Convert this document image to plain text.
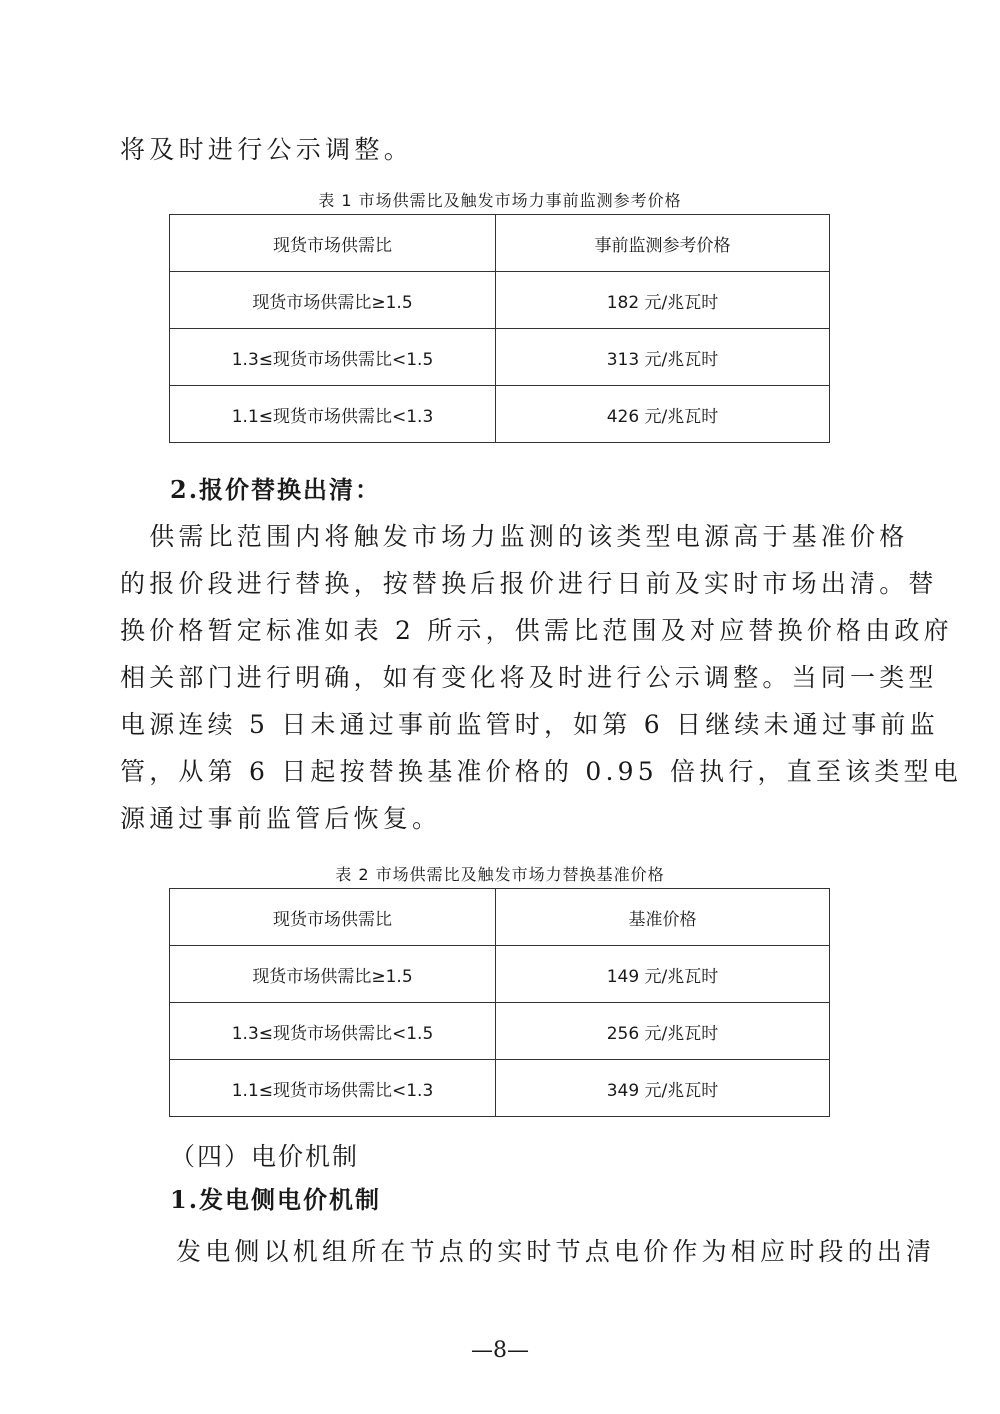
将及时进行公示调整。

表 1 市场供需比及触发市场力事前监测参考价格
现货市场供需比	事前监测参考价格
现货市场供需比≥1.5	182 元/兆瓦时
1.3≤现货市场供需比<1.5	313 元/兆瓦时
1.1≤现货市场供需比<1.3	426 元/兆瓦时

2.报价替换出清：

　供需比范围内将触发市场力监测的该类型电源高于基准价格
的报价段进行替换，按替换后报价进行日前及实时市场出清。替
换价格暂定标准如表 2 所示，供需比范围及对应替换价格由政府
相关部门进行明确，如有变化将及时进行公示调整。当同一类型
电源连续 5 日未通过事前监管时，如第 6 日继续未通过事前监
管，从第 6 日起按替换基准价格的 0.95 倍执行，直至该类型电
源通过事前监管后恢复。
表 2 市场供需比及触发市场力替换基准价格
现货市场供需比	基准价格
现货市场供需比≥1.5	149 元/兆瓦时
1.3≤现货市场供需比<1.5	256 元/兆瓦时
1.1≤现货市场供需比<1.3	349 元/兆瓦时

（四）电价机制

1.发电侧电价机制

发电侧以机组所在节点的实时节点电价作为相应时段的出清

—8—
